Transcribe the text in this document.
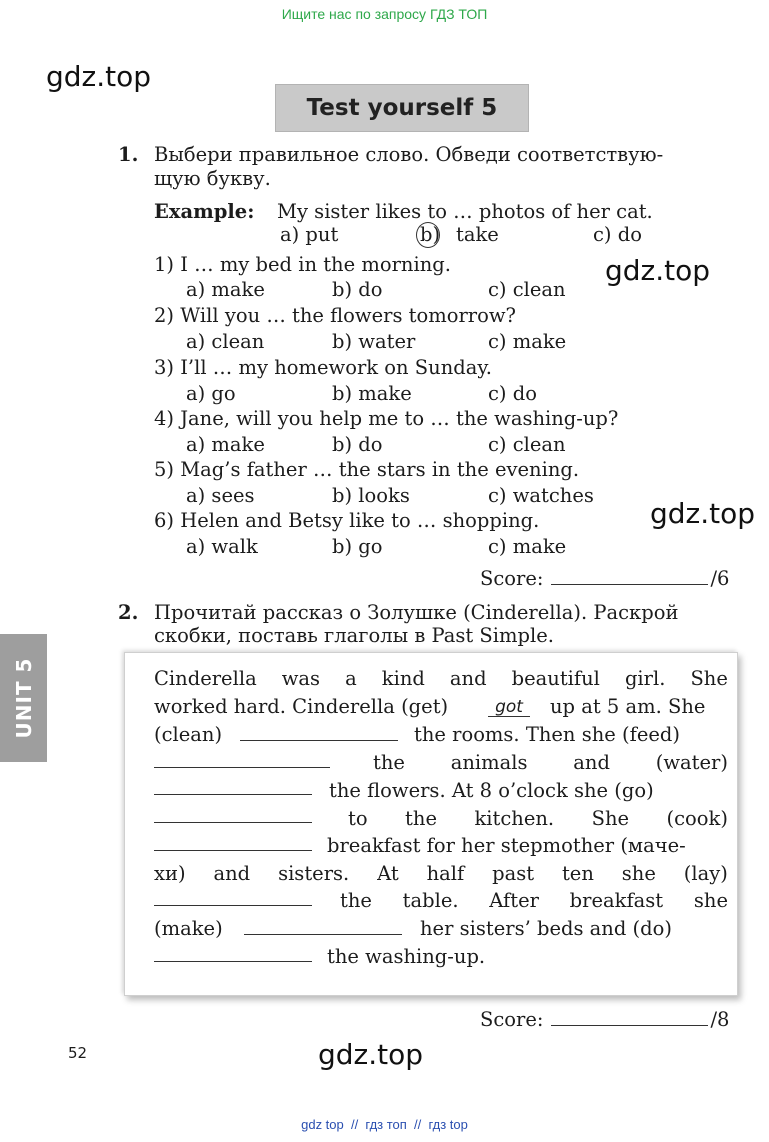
Ищите нас по запросу ГДЗ ТОП
gdz.top
gdz.top
gdz.top
gdz.top
Test yourself 5
1. Выбери правильное слово. Обведи соответствую-
щую букву.
Example: My sister likes to … photos of her cat.
a) put	b) take	c) do
1) I … my bed in the morning.
a) make	b) do	c) clean
2) Will you … the flowers tomorrow?
a) clean	b) water	c) make
3) I’ll … my homework on Sunday.
a) go	b) make	c) do
4) Jane, will you help me to … the washing-up?
a) make	b) do	c) clean
5) Mag’s father … the stars in the evening.
a) sees	b) looks	c) watches
6) Helen and Betsy like to … shopping.
a) walk	b) go	c) make
Score:	/6
2. Прочитай рассказ о Золушке (Cinderella). Раскрой
скобки, поставь глаголы в Past Simple.
UNIT 5	Cinderella was a kind and beautiful girl. She
worked hard. Cinderella (get)	got	up at 5 am. She
(clean)	the rooms. Then she (feed)
the animals and (water)
the flowers. At 8 o’clock she (go)
to the kitchen. She (cook)
breakfast for her stepmother (маче-
хи) and sisters. At half past ten she (lay)
the table. After breakfast she
(make)	her sisters’ beds and (do)
the washing-up.
Score:	/8
52
gdz top  //  гдз топ  //  гдз top
